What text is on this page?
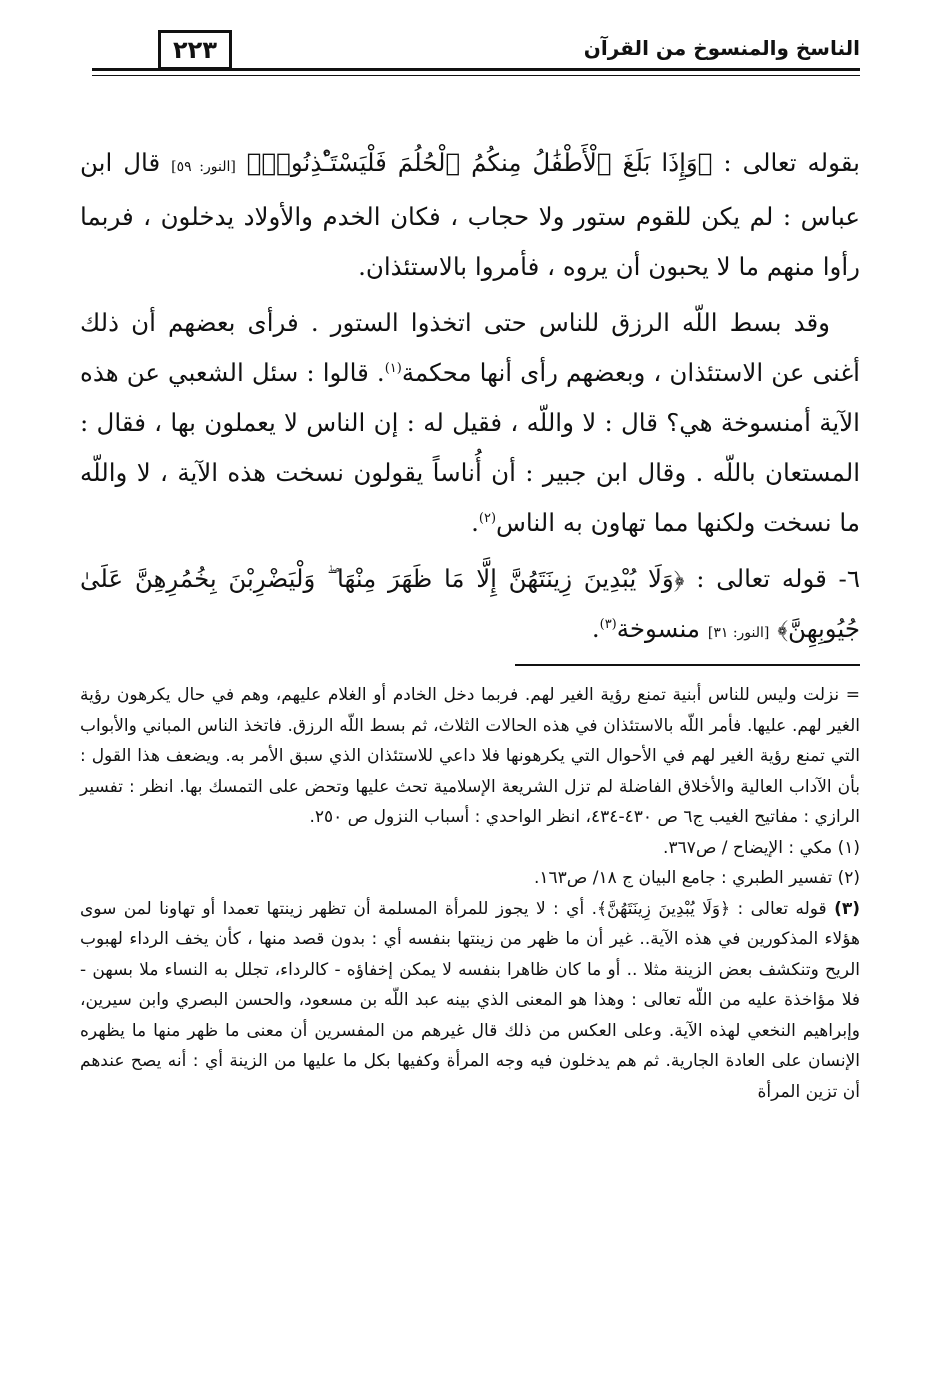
الناسخ والمنسوخ من القرآن
٢٢٣

بقوله تعالى : ﴿وَإِذَا بَلَغَ ٱلْأَطْفَٰلُ مِنكُمُ ٱلْحُلُمَ فَلْيَسْتَـْٔذِنُوا۟﴾ [النور: ٥٩] قال ابن عباس : لم يكن للقوم ستور ولا حجاب ، فكان الخدم والأولاد يدخلون ، فربما رأوا منهم ما لا يحبون أن يروه ، فأمروا بالاستئذان.

وقد بسط اللّه الرزق للناس حتى اتخذوا الستور . فرأى بعضهم أن ذلك أغنى عن الاستئذان ، وبعضهم رأى أنها محكمة$^{(١)}$. قالوا : سئل الشعبي عن هذه الآية أمنسوخة هي؟ قال : لا واللّه ، فقيل له : إن الناس لا يعملون بها ، فقال : المستعان باللّه . وقال ابن جبير : أن أُناساً يقولون نسخت هذه الآية ، لا واللّه ما نسخت ولكنها مما تهاون به الناس$^{(٢)}$.

٦- قوله تعالى : ﴿وَلَا يُبْدِينَ زِينَتَهُنَّ إِلَّا مَا ظَهَرَ مِنْهَا ۖ وَلْيَضْرِبْنَ بِخُمُرِهِنَّ عَلَىٰ جُيُوبِهِنَّ﴾ [النور: ٣١] منسوخة$^{(٣)}$.

= نزلت وليس للناس أبنية تمنع رؤية الغير لهم. فربما دخل الخادم أو الغلام عليهم، وهم في حال يكرهون رؤية الغير لهم. عليها. فأمر اللّه بالاستئذان في هذه الحالات الثلاث، ثم بسط اللّه الرزق. فاتخذ الناس المباني والأبواب التي تمنع رؤية الغير لهم في الأحوال التي يكرهونها فلا داعي للاستئذان الذي سبق الأمر به. ويضعف هذا القول : بأن الآداب العالية والأخلاق الفاضلة لم تزل الشريعة الإسلامية تحث عليها وتحض على التمسك بها. انظر : تفسير الرازي : مفاتيح الغيب ج٦ ص ٤٣٠-٤٣٤، انظر الواحدي : أسباب النزول ص ٢٥٠.

(١) مكي : الإيضاح / ص٣٦٧.

(٢) تفسير الطبري : جامع البيان ج ١٨/ ص١٦٣.

(٣) قوله تعالى : ﴿وَلَا يُبْدِينَ زِينَتَهُنَّ﴾. أي : لا يجوز للمرأة المسلمة أن تظهر زينتها تعمدا أو تهاونا لمن سوى هؤلاء المذكورين في هذه الآية.. غير أن ما ظهر من زينتها بنفسه أي : بدون قصد منها ، كأن يخف الرداء لهبوب الريح وتنكشف بعض الزينة مثلا .. أو ما كان ظاهرا بنفسه لا يمكن إخفاؤه - كالرداء، تجلل به النساء ملا بسهن - فلا مؤاخذة عليه من اللّه تعالى : وهذا هو المعنى الذي بينه عبد اللّه بن مسعود، والحسن البصري وابن سيرين، وإبراهيم النخعي لهذه الآية. وعلى العكس من ذلك قال غيرهم من المفسرين أن معنى ما ظهر منها ما يظهره الإنسان على العادة الجارية. ثم هم يدخلون فيه وجه المرأة وكفيها بكل ما عليها من الزينة أي : أنه يصح عندهم أن تزين المرأة
